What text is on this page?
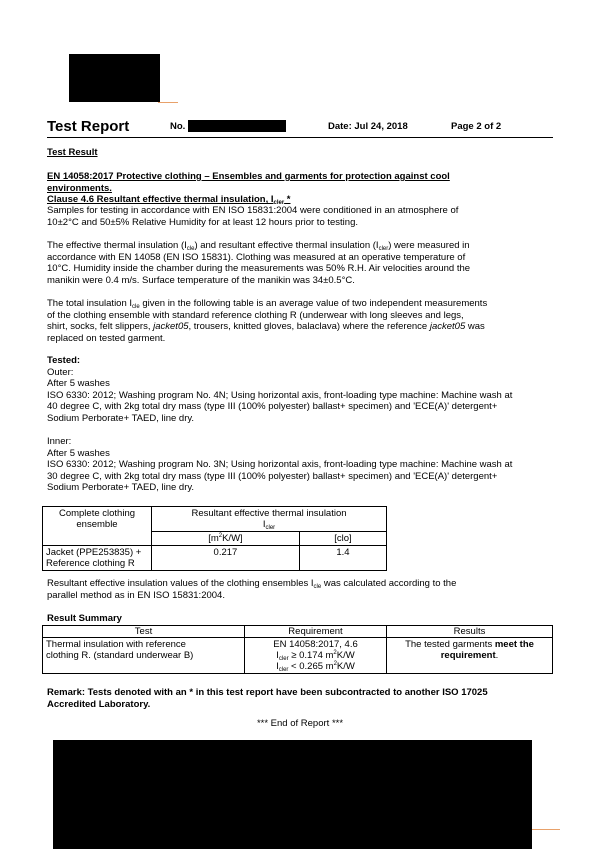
Test Report	No.	Date: Jul 24, 2018	Page 2 of 2
Test Result
EN 14058:2017 Protective clothing – Ensembles and garments for protection against cool environments.
Clause 4.6 Resultant effective thermal insulation, $I_{cler}$ *
Samples for testing in accordance with EN ISO 15831:2004 were conditioned in an atmosphere of
10±2°C and 50±5% Relative Humidity for at least 12 hours prior to testing.
The effective thermal insulation $(I_{cle})$ and resultant effective thermal insulation $(I_{cler})$ were measured in
accordance with EN 14058 (EN ISO 15831). Clothing was measured at an operative temperature of
10°C. Humidity inside the chamber during the measurements was 50% R.H. Air velocities around the
manikin were 0.4 m/s. Surface temperature of the manikin was 34±0.5°C.
The total insulation $I_{cle}$ given in the following table is an average value of two independent measurements
of the clothing ensemble with standard reference clothing R (underwear with long sleeves and legs,
shirt, socks, felt slippers, jacket05, trousers, knitted gloves, balaclava) where the reference jacket05 was
replaced on tested garment.
Tested:
Outer:
After 5 washes
ISO 6330: 2012; Washing program No. 4N; Using horizontal axis, front-loading type machine: Machine wash at
40 degree C, with 2kg total dry mass (type III (100% polyester) ballast+ specimen) and 'ECE(A)' detergent+
Sodium Perborate+ TAED, line dry.
Inner:
After 5 washes
ISO 6330: 2012; Washing program No. 3N; Using horizontal axis, front-loading type machine: Machine wash at
30 degree C, with 2kg total dry mass (type III (100% polyester) ballast+ specimen) and 'ECE(A)' detergent+
Sodium Perborate+ TAED, line dry.
Complete clothing
ensemble	Resultant effective thermal insulation
$I_{cler}$
	$[m^2K/W]$	[clo]
Jacket (PPE253835) +
Reference clothing R	0.217	1.4
Resultant effective insulation values of the clothing ensembles $I_{cle}$ was calculated according to the
parallel method as in EN ISO 15831:2004.
Result Summary
Test	Requirement	Results
Thermal insulation with reference
clothing R. (standard underwear B)	EN 14058:2017, 4.6
$I_{cler} \ge 0.174$ $m^2K/W$
$I_{cler} < 0.265$ $m^2K/W$	The tested garments meet the
requirement.
Remark: Tests denoted with an * in this test report have been subcontracted to another ISO 17025
Accredited Laboratory.
*** End of Report ***
